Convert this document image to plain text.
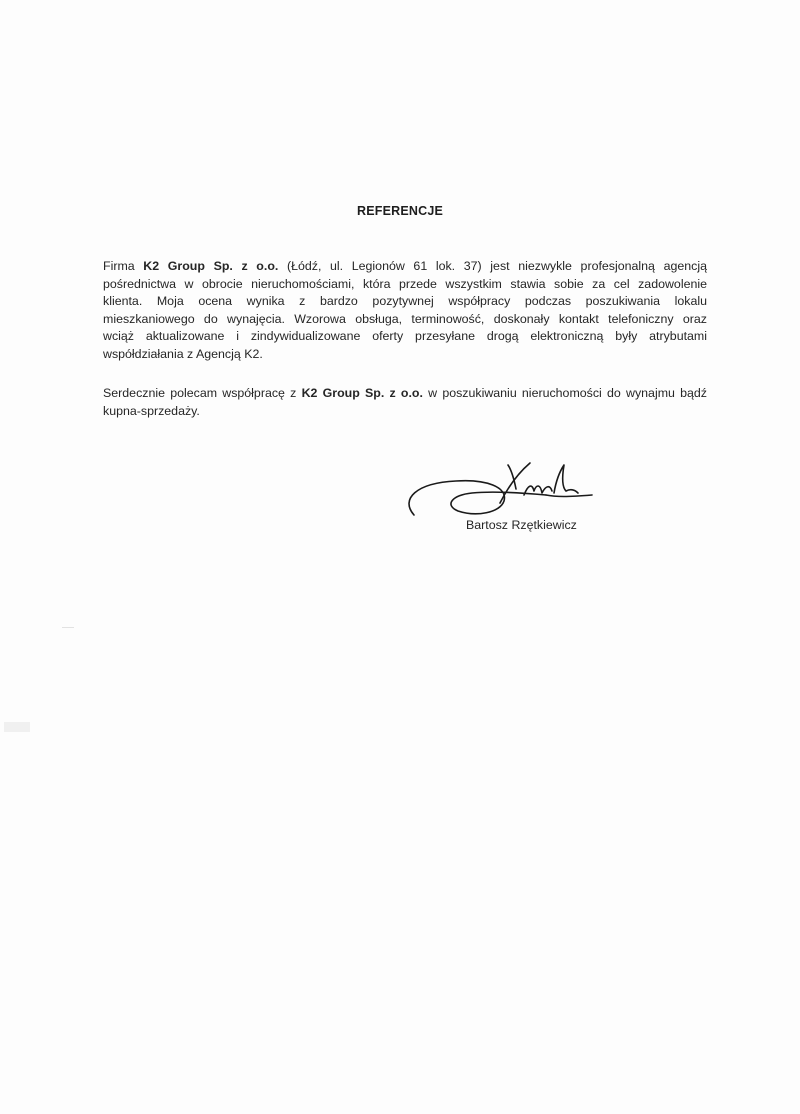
REFERENCJE
Firma K2 Group Sp. z o.o. (Łódź, ul. Legionów 61 lok. 37) jest niezwykle profesjonalną agencją
pośrednictwa w obrocie nieruchomościami, która przede wszystkim stawia sobie za cel zadowolenie
klienta. Moja ocena wynika z bardzo pozytywnej współpracy podczas poszukiwania lokalu
mieszkaniowego do wynajęcia. Wzorowa obsługa, terminowość, doskonały kontakt telefoniczny oraz
wciąż aktualizowane i zindywidualizowane oferty przesyłane drogą elektroniczną były atrybutami
współdziałania z Agencją K2.
Serdecznie polecam współpracę z K2 Group Sp. z o.o. w poszukiwaniu nieruchomości do wynajmu bądź
kupna-sprzedaży.
Bartosz Rzętkiewicz
